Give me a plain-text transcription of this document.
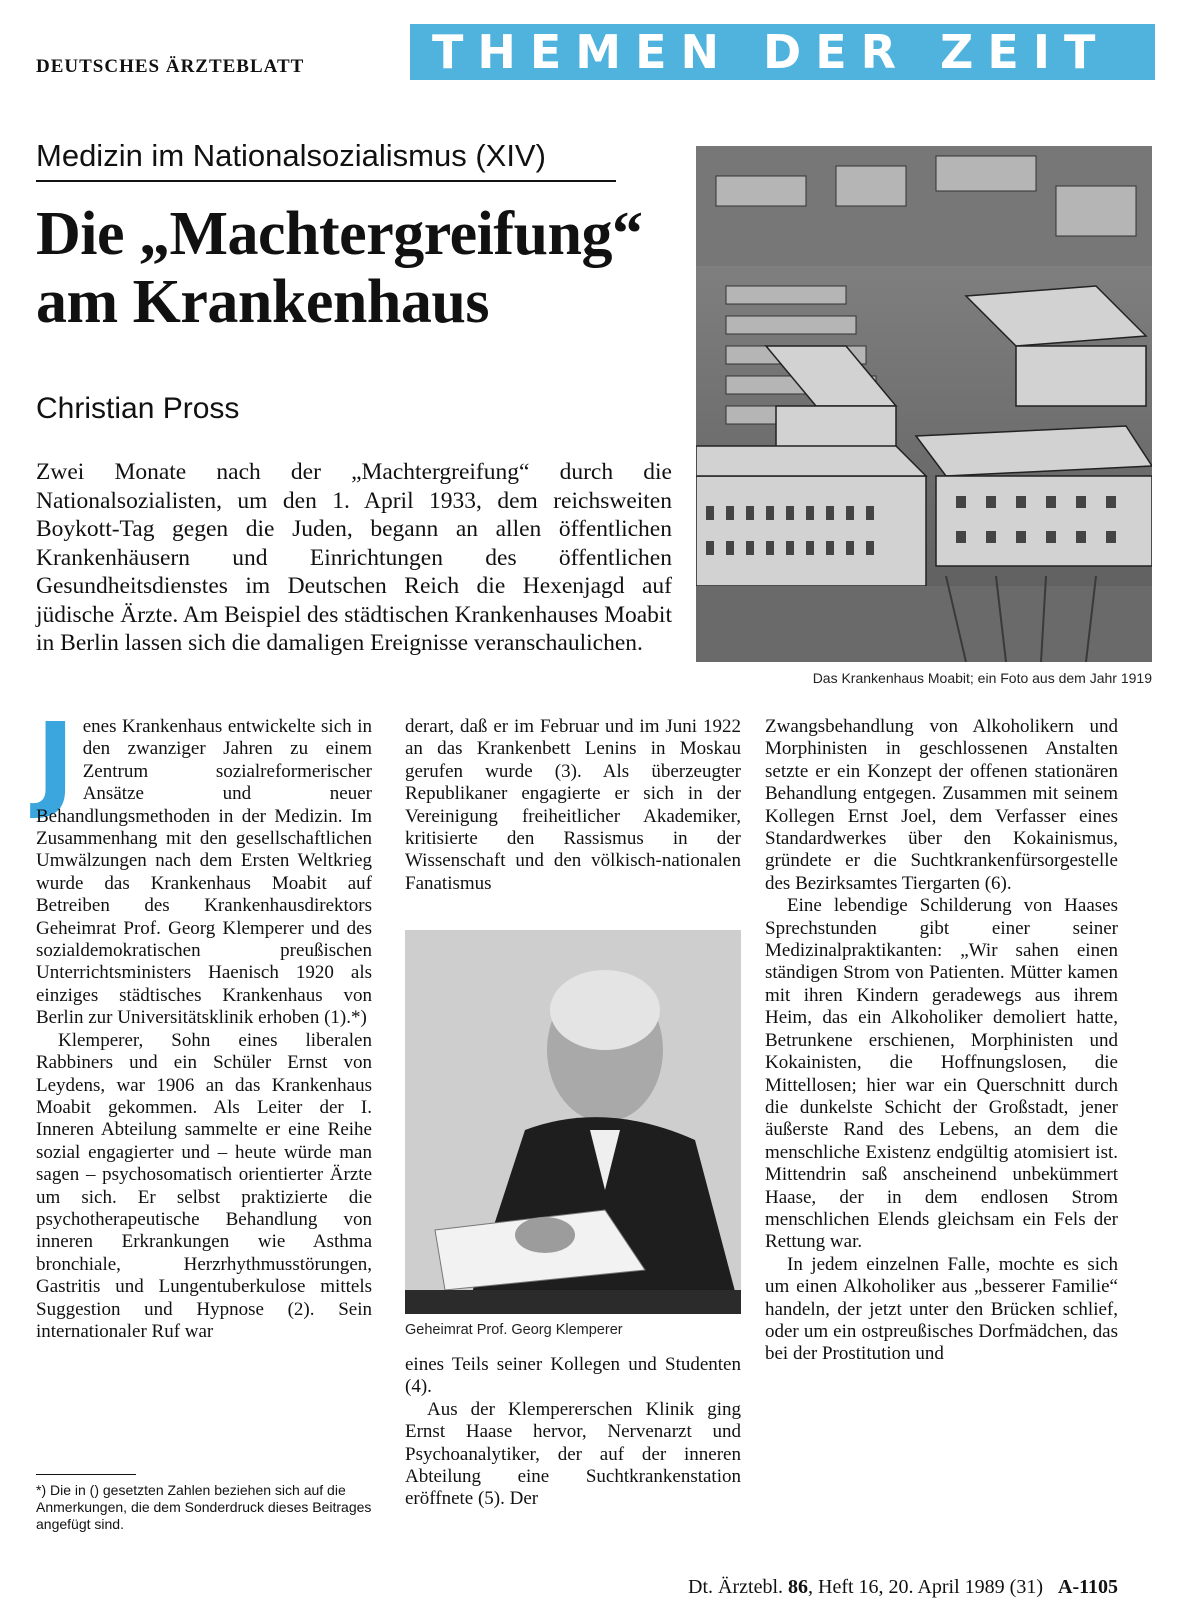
DEUTSCHES ÄRZTEBLATT	THEMEN DER ZEIT
Medizin im Nationalsozialismus (XIV)
Die „Machtergreifung“
am Krankenhaus
Christian Pross

Zwei Monate nach der „Machtergreifung“ durch die Nationalsozialisten, um den 1. April 1933, dem reichsweiten Boykott-Tag gegen die Juden, begann an allen öffentlichen Krankenhäusern und Einrichtungen des öffentlichen Gesundheitsdienstes im Deutschen Reich die Hexenjagd auf jüdische Ärzte. Am Beispiel des städtischen Krankenhauses Moabit in Berlin lassen sich die damaligen Ereignisse veranschaulichen.

Das Krankenhaus Moabit; ein Foto aus dem Jahr 1919
J enes Krankenhaus entwickelte sich in den zwanziger Jahren zu einem Zentrum sozialreformerischer Ansätze und neuer Behandlungsmethoden in der Medizin. Im Zusammenhang mit den gesellschaftlichen Umwälzungen nach dem Ersten Weltkrieg wurde das Krankenhaus Moabit auf Betreiben des Krankenhausdirektors Geheimrat Prof. Georg Klemperer und des sozialdemokratischen preußischen Unterrichtsministers Haenisch 1920 als einziges städtisches Krankenhaus von Berlin zur Universitätsklinik erhoben (1).*)

Klemperer, Sohn eines liberalen Rabbiners und ein Schüler Ernst von Leydens, war 1906 an das Krankenhaus Moabit gekommen. Als Leiter der I. Inneren Abteilung sammelte er eine Reihe sozial engagierter und – heute würde man sagen – psychosomatisch orientierter Ärzte um sich. Er selbst praktizierte die psychotherapeutische Behandlung von inneren Erkrankungen wie Asthma bronchiale, Herzrhythmusstörungen, Gastritis und Lungentuberkulose mittels Suggestion und Hypnose (2). Sein internationaler Ruf war

derart, daß er im Februar und im Juni 1922 an das Krankenbett Lenins in Moskau gerufen wurde (3). Als überzeugter Republikaner engagierte er sich in der Vereinigung freiheitlicher Akademiker, kritisierte den Rassismus in der Wissenschaft und den völkisch-nationalen Fanatismus

Geheimrat Prof. Georg Klemperer

eines Teils seiner Kollegen und Studenten (4).

Aus der Klempererschen Klinik ging Ernst Haase hervor, Nervenarzt und Psychoanalytiker, der auf der inneren Abteilung eine Suchtkrankenstation eröffnete (5). Der

Zwangsbehandlung von Alkoholikern und Morphinisten in geschlossenen Anstalten setzte er ein Konzept der offenen stationären Behandlung entgegen. Zusammen mit seinem Kollegen Ernst Joel, dem Verfasser eines Standardwerkes über den Kokainismus, gründete er die Suchtkrankenfürsorgestelle des Bezirksamtes Tiergarten (6).

Eine lebendige Schilderung von Haases Sprechstunden gibt einer seiner Medizinalpraktikanten: „Wir sahen einen ständigen Strom von Patienten. Mütter kamen mit ihren Kindern geradewegs aus ihrem Heim, das ein Alkoholiker demoliert hatte, Betrunkene erschienen, Morphinisten und Kokainisten, die Hoffnungslosen, die Mittellosen; hier war ein Querschnitt durch die dunkelste Schicht der Großstadt, jener äußerste Rand des Lebens, an dem die menschliche Existenz endgültig atomisiert ist. Mittendrin saß anscheinend unbekümmert Haase, der in dem endlosen Strom menschlichen Elends gleichsam ein Fels der Rettung war.

In jedem einzelnen Falle, mochte es sich um einen Alkoholiker aus „besserer Familie“ handeln, der jetzt unter den Brücken schlief, oder um ein ostpreußisches Dorfmädchen, das bei der Prostitution und

*) Die in () gesetzten Zahlen beziehen sich auf die Anmerkungen, die dem Sonderdruck dieses Beitrages angefügt sind.
Dt. Ärztebl. 86, Heft 16, 20. April 1989 (31) A-1105
